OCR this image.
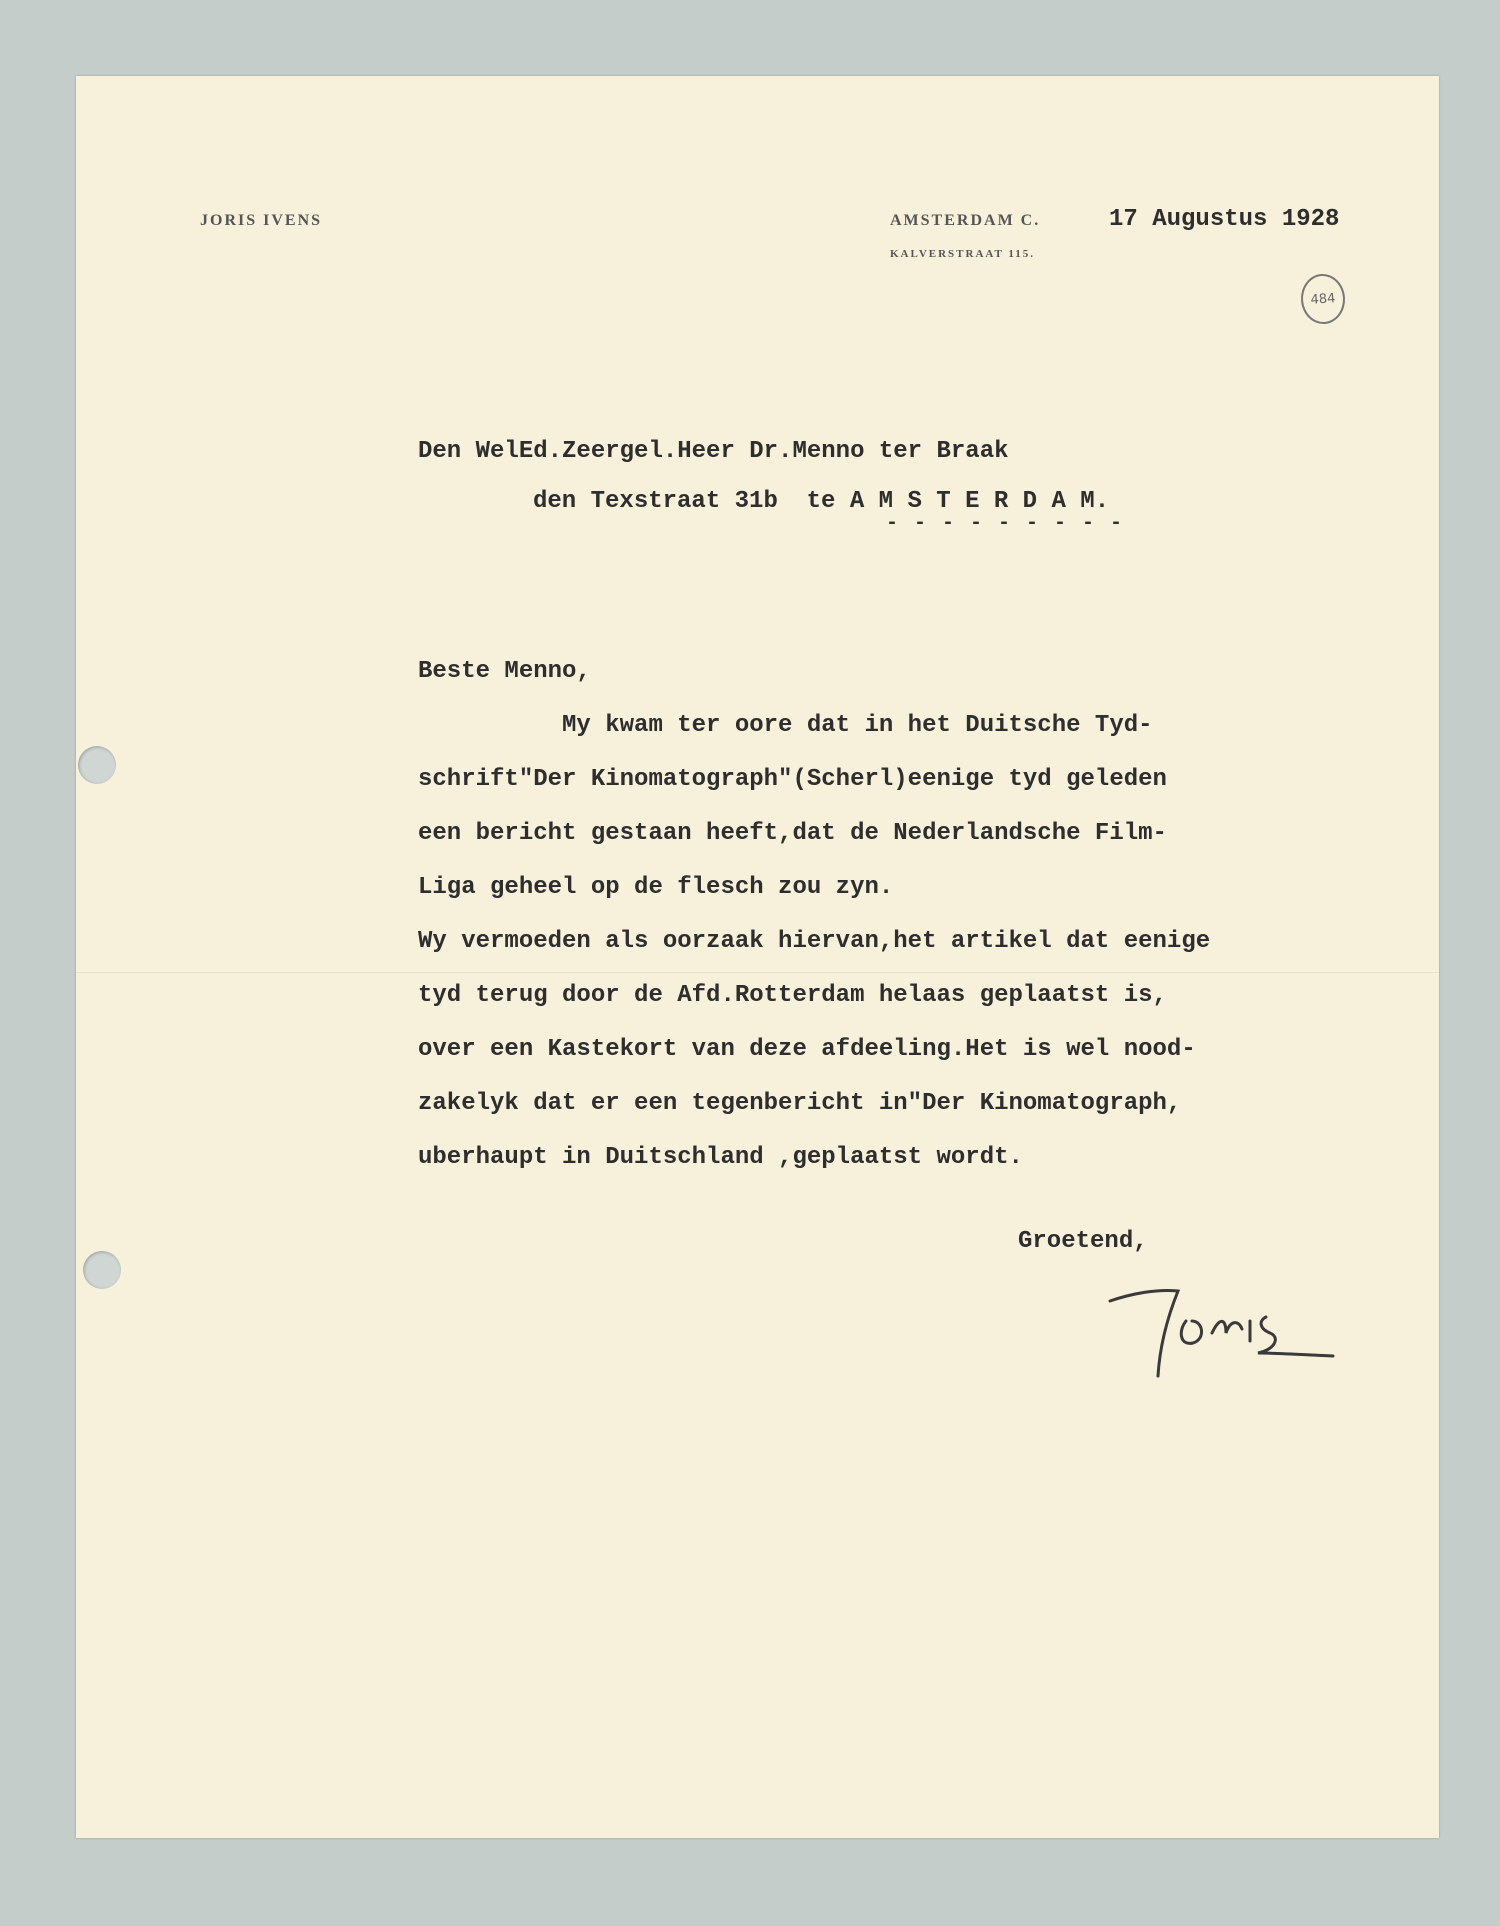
JORIS IVENS	AMSTERDAM C.
KALVERSTRAAT 115.
17 Augustus 1928
484
Den WelEd.Zeergel.Heer Dr.Menno ter Braak
den Texstraat 31b  te A M S T E R D A M.
- - - - - - - - -
Beste Menno,
My kwam ter oore dat in het Duitsche Tyd-
schrift"Der Kinomatograph"(Scherl)eenige tyd geleden
een bericht gestaan heeft,dat de Nederlandsche Film-
Liga geheel op de flesch zou zyn.
Wy vermoeden als oorzaak hiervan,het artikel dat eenige
tyd terug door de Afd.Rotterdam helaas geplaatst is,
over een Kastekort van deze afdeeling.Het is wel nood-
zakelyk dat er een tegenbericht in"Der Kinomatograph,
uberhaupt in Duitschland ,geplaatst wordt.
Groetend,
